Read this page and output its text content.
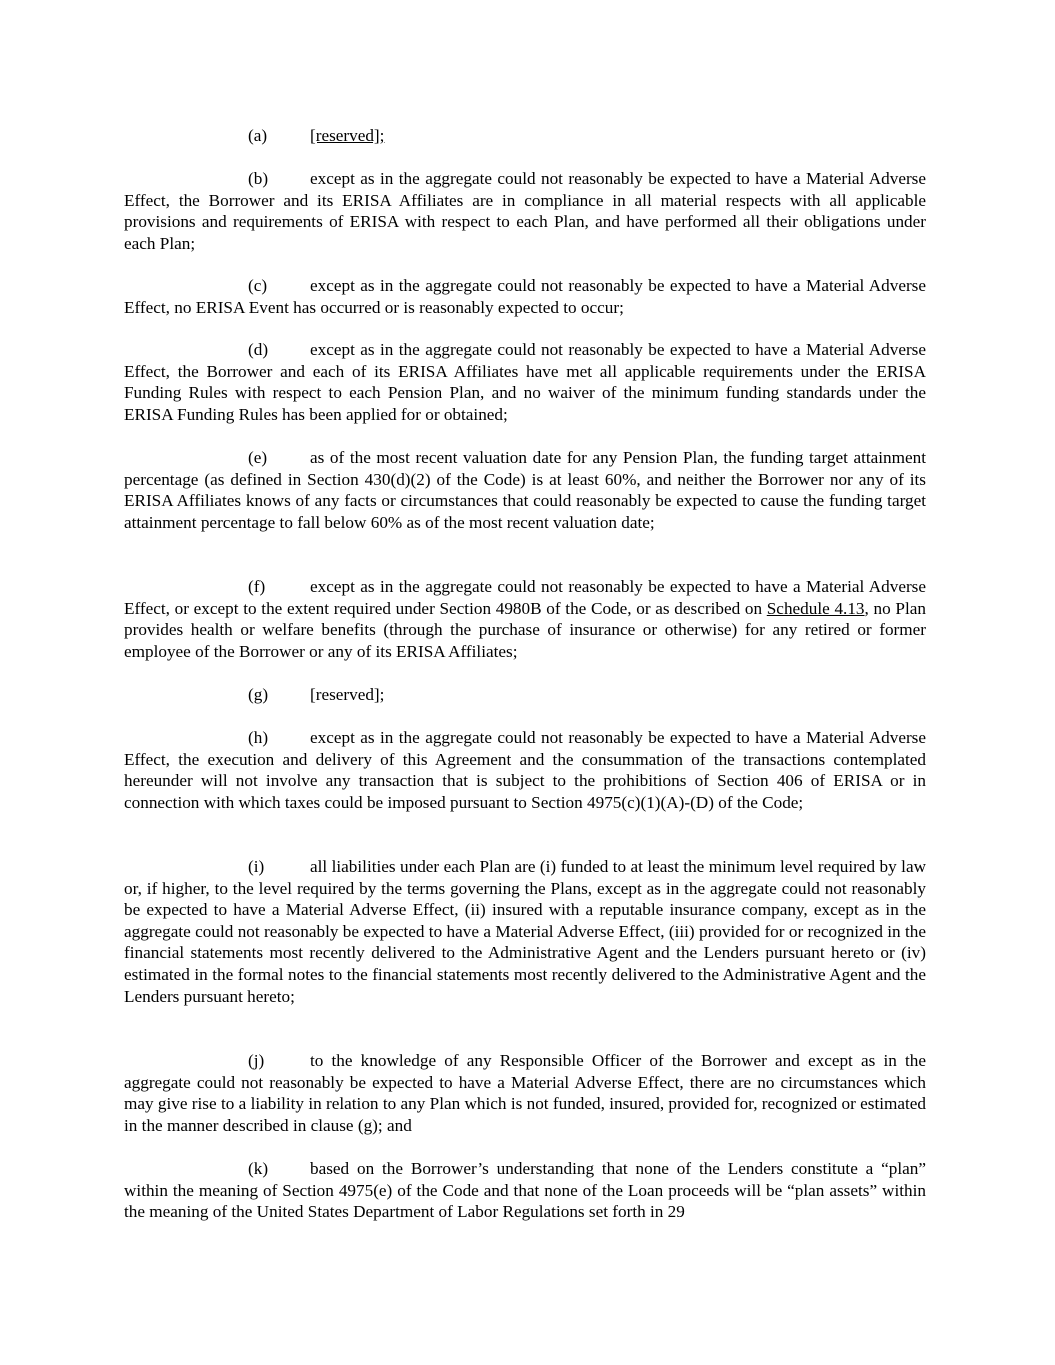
(a) [reserved];

(b) except as in the aggregate could not reasonably be expected to have a Material Adverse Effect, the Borrower and its ERISA Affiliates are in compliance in all material respects with all applicable provisions and requirements of ERISA with respect to each Plan, and have performed all their obligations under each Plan;

(c) except as in the aggregate could not reasonably be expected to have a Material Adverse Effect, no ERISA Event has occurred or is reasonably expected to occur;

(d) except as in the aggregate could not reasonably be expected to have a Material Adverse Effect, the Borrower and each of its ERISA Affiliates have met all applicable requirements under the ERISA Funding Rules with respect to each Pension Plan, and no waiver of the minimum funding standards under the ERISA Funding Rules has been applied for or obtained;

(e) as of the most recent valuation date for any Pension Plan, the funding target attainment percentage (as defined in Section 430(d)(2) of the Code) is at least 60%, and neither the Borrower nor any of its ERISA Affiliates knows of any facts or circumstances that could reasonably be expected to cause the funding target attainment percentage to fall below 60% as of the most recent valuation date;

(f)	except as in the aggregate could not reasonably be expected to have a Material Adverse Effect, or except to the extent required under Section 4980B of the Code, or as described on Schedule 4.13, no Plan provides health or welfare benefits (through the purchase of insurance or otherwise) for any retired or former employee of the Borrower or any of its ERISA Affiliates;

(g) [reserved];

(h) except as in the aggregate could not reasonably be expected to have a Material Adverse Effect, the execution and delivery of this Agreement and the consummation of the transactions contemplated hereunder will not involve any transaction that is subject to the prohibitions of Section 406 of ERISA or in connection with which taxes could be imposed pursuant to Section 4975(c)(1)(A)-(D) of the Code;

(i)	all liabilities under each Plan are (i) funded to at least the minimum level required by law or, if higher, to the level required by the terms governing the Plans, except as in the aggregate could not reasonably be expected to have a Material Adverse Effect, (ii) insured with a reputable insurance company, except as in the aggregate could not reasonably be expected to have a Material Adverse Effect, (iii) provided for or recognized in the financial statements most recently delivered to the Administrative Agent and the Lenders pursuant hereto or (iv) estimated in the formal notes to the financial statements most recently delivered to the Administrative Agent and the Lenders pursuant hereto;

(j)	to the knowledge of any Responsible Officer of the Borrower and except as in the aggregate could not reasonably be expected to have a Material Adverse Effect, there are no circumstances which may give rise to a liability in relation to any Plan which is not funded, insured, provided for, recognized or estimated in the manner described in clause (g); and

(k) based on the Borrower’s understanding that none of the Lenders constitute a “plan” within the meaning of Section 4975(e) of the Code and that none of the Loan proceeds will be “plan assets” within the meaning of the United States Department of Labor Regulations set forth in 29
